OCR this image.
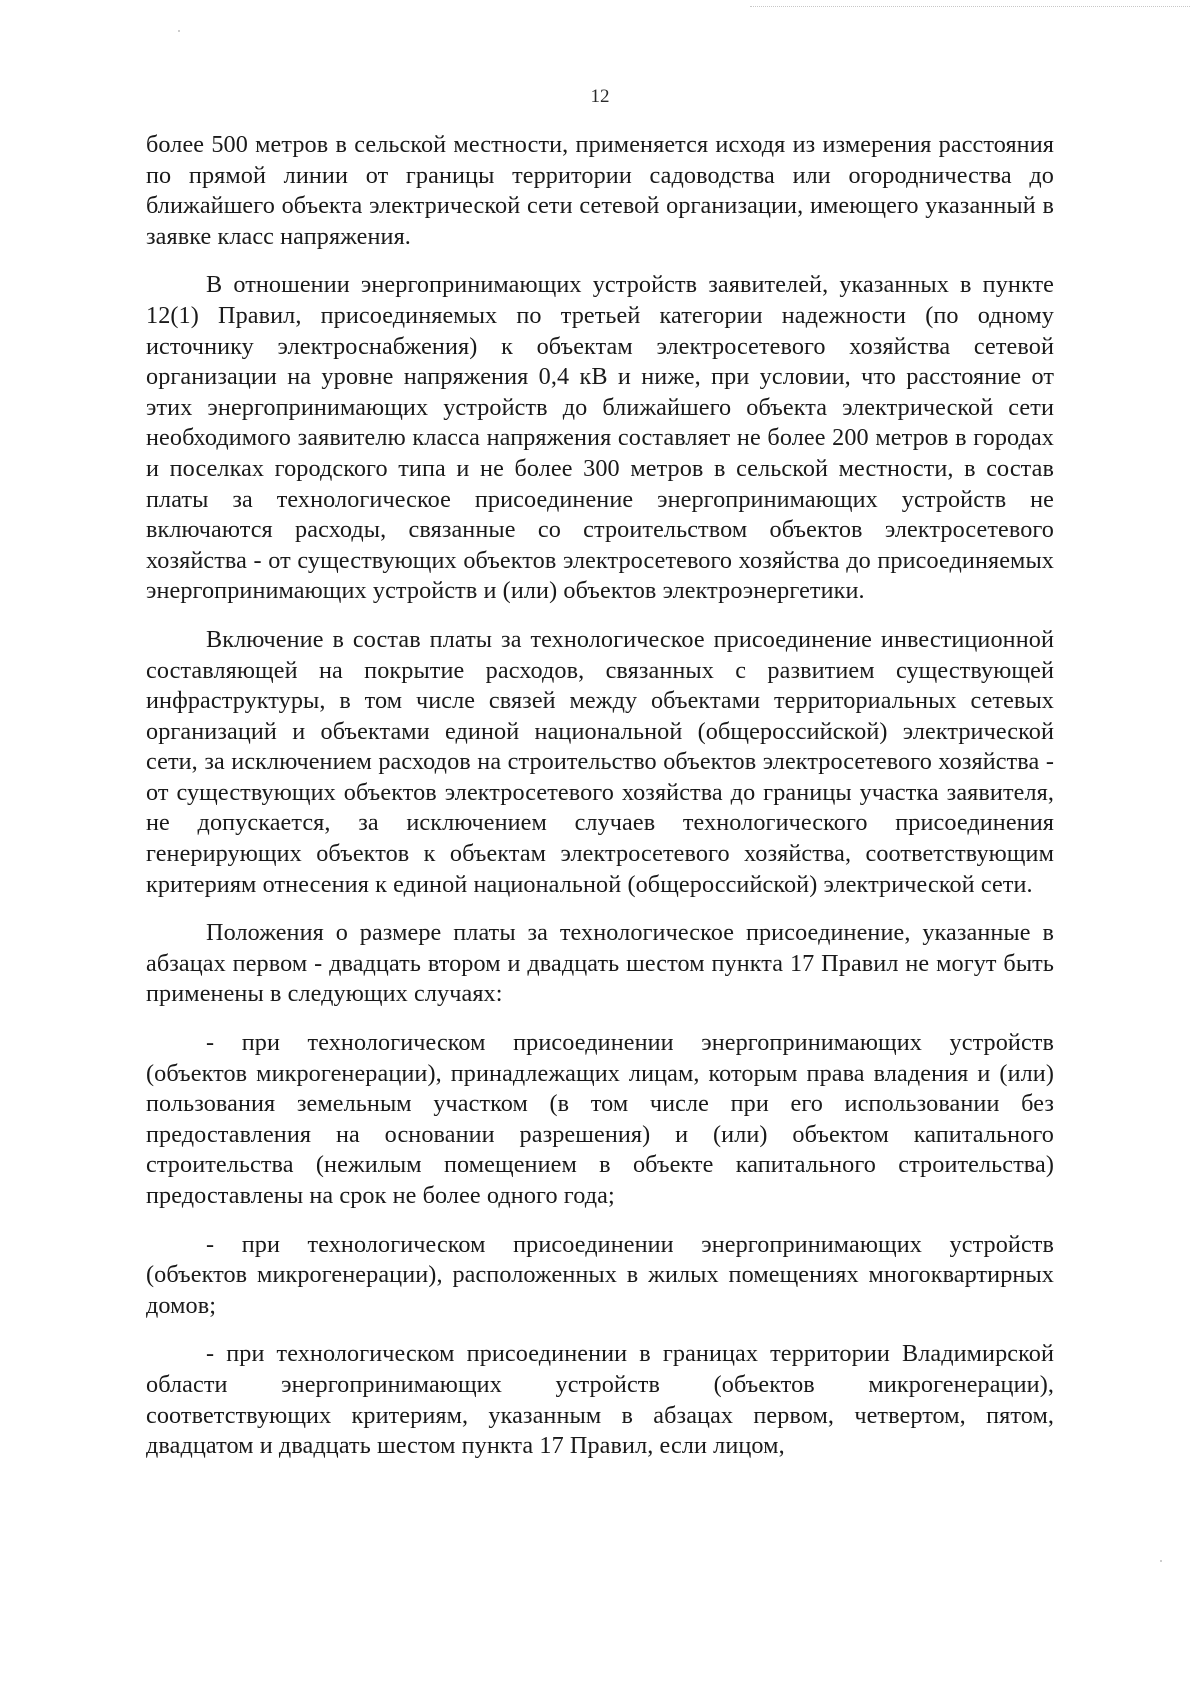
12

более 500 метров в сельской местности, применяется исходя из измерения расстояния по прямой линии от границы территории садоводства или огородничества до ближайшего объекта электрической сети сетевой организации, имеющего указанный в заявке класс напряжения.

В отношении энергопринимающих устройств заявителей, указанных в пункте 12(1) Правил, присоединяемых по третьей категории надежности (по одному источнику электроснабжения) к объектам электросетевого хозяйства сетевой организации на уровне напряжения 0,4 кВ и ниже, при условии, что расстояние от этих энергопринимающих устройств до ближайшего объекта электрической сети необходимого заявителю класса напряжения составляет не более 200 метров в городах и поселках городского типа и не более 300 метров в сельской местности, в состав платы за технологическое присоединение энергопринимающих устройств не включаются расходы, связанные со строительством объектов электросетевого хозяйства - от существующих объектов электросетевого хозяйства до присоединяемых энергопринимающих устройств и (или) объектов электроэнергетики.

Включение в состав платы за технологическое присоединение инвестиционной составляющей на покрытие расходов, связанных с развитием существующей инфраструктуры, в том числе связей между объектами территориальных сетевых организаций и объектами единой национальной (общероссийской) электрической сети, за исключением расходов на строительство объектов электросетевого хозяйства - от существующих объектов электросетевого хозяйства до границы участка заявителя, не допускается, за исключением случаев технологического присоединения генерирующих объектов к объектам электросетевого хозяйства, соответствующим критериям отнесения к единой национальной (общероссийской) электрической сети.

Положения о размере платы за технологическое присоединение, указанные в абзацах первом - двадцать втором и двадцать шестом пункта 17 Правил не могут быть применены в следующих случаях:

- при технологическом присоединении энергопринимающих устройств (объектов микрогенерации), принадлежащих лицам, которым права владения и (или) пользования земельным участком (в том числе при его использовании без предоставления на основании разрешения) и (или) объектом капитального строительства (нежилым помещением в объекте капитального строительства) предоставлены на срок не более одного года;

- при технологическом присоединении энергопринимающих устройств (объектов микрогенерации), расположенных в жилых помещениях многоквартирных домов;

- при технологическом присоединении в границах территории Владимирской области энергопринимающих устройств (объектов микрогенерации), соответствующих критериям, указанным в абзацах первом, четвертом, пятом, двадцатом и двадцать шестом пункта 17 Правил, если лицом,
